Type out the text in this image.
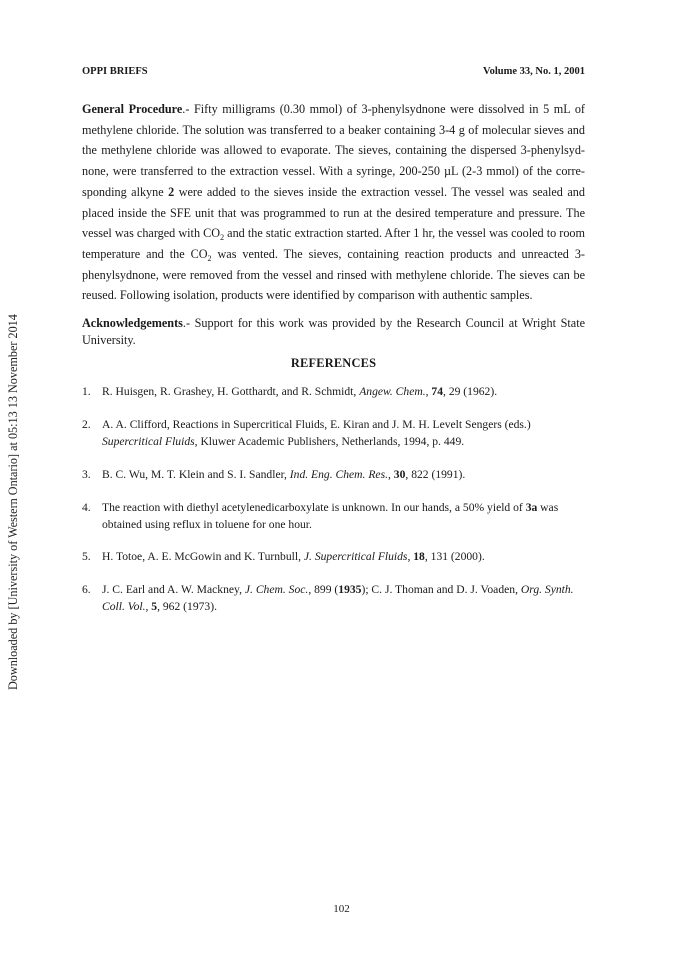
Downloaded by [University of Western Ontario] at 05:13 13 November 2014
OPPI BRIEFS	Volume 33, No. 1, 2001

General Procedure.- Fifty milligrams (0.30 mmol) of 3-phenylsydnone were dissolved in 5 mL of methylene chloride. The solution was transferred to a beaker containing 3-4 g of molecular sieves and the methylene chloride was allowed to evaporate. The sieves, containing the dispersed 3-phenylsyd-none, were transferred to the extraction vessel. With a syringe, 200-250 µL (2-3 mmol) of the corre-sponding alkyne 2 were added to the sieves inside the extraction vessel. The vessel was sealed and placed inside the SFE unit that was programmed to run at the desired temperature and pressure. The vessel was charged with $CO_2$ and the static extraction started. After 1 hr, the vessel was cooled to room temperature and the $CO_2$ was vented. The sieves, containing reaction products and unreacted 3-phenylsydnone, were removed from the vessel and rinsed with methylene chloride. The sieves can be reused. Following isolation, products were identified by comparison with authentic samples.

Acknowledgements.- Support for this work was provided by the Research Council at Wright State University.

REFERENCES
1. R. Huisgen, R. Grashey, H. Gotthardt, and R. Schmidt, Angew. Chem., 74, 29 (1962).
2. A. A. Clifford, Reactions in Supercritical Fluids, E. Kiran and J. M. H. Levelt Sengers (eds.) Supercritical Fluids, Kluwer Academic Publishers, Netherlands, 1994, p. 449.
3. B. C. Wu, M. T. Klein and S. I. Sandler, Ind. Eng. Chem. Res., 30, 822 (1991).
4. The reaction with diethyl acetylenedicarboxylate is unknown. In our hands, a 50% yield of 3a was obtained using reflux in toluene for one hour.
5. H. Totoe, A. E. McGowin and K. Turnbull, J. Supercritical Fluids, 18, 131 (2000).
6. J. C. Earl and A. W. Mackney, J. Chem. Soc., 899 (1935); C. J. Thoman and D. J. Voaden, Org. Synth. Coll. Vol., 5, 962 (1973).
102
